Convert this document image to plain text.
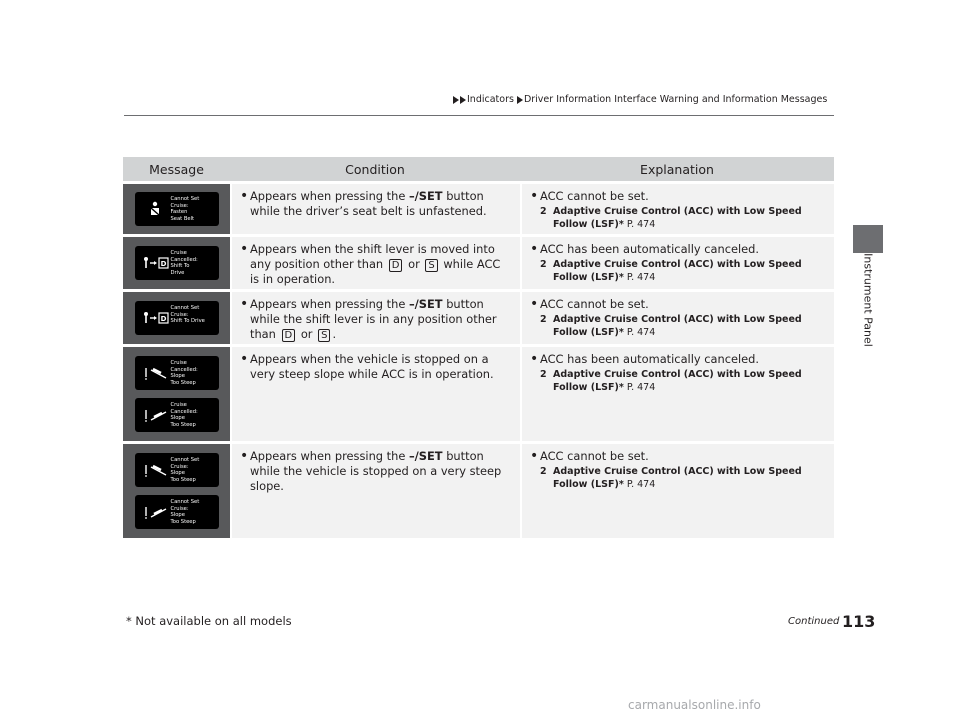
Indicators Driver Information Interface Warning and Information Messages
Instrument Panel
Message	Condition	Explanation
Cannot Set
Cruise:
Fasten
Seat Belt
• Appears when pressing the –/SET button while the driver’s seat belt is unfastened.
• ACC cannot be set.
2 Adaptive Cruise Control (ACC) with Low Speed Follow (LSF)* P. 474
D
Cruise
Cancelled:
Shift To
Drive
• Appears when the shift lever is moved into any position other than D or S while ACC is in operation.
• ACC has been automatically canceled.
2 Adaptive Cruise Control (ACC) with Low Speed Follow (LSF)* P. 474
D
Cannot Set
Cruise:
Shift To Drive
• Appears when pressing the –/SET button while the shift lever is in any position other than D or S .
• ACC cannot be set.
2 Adaptive Cruise Control (ACC) with Low Speed Follow (LSF)* P. 474
Cruise
Cancelled:
Slope
Too Steep
Cruise
Cancelled:
Slope
Too Steep
• Appears when the vehicle is stopped on a very steep slope while ACC is in operation.
• ACC has been automatically canceled.
2 Adaptive Cruise Control (ACC) with Low Speed Follow (LSF)* P. 474
Cannot Set
Cruise:
Slope
Too Steep
Cannot Set
Cruise:
Slope
Too Steep
• Appears when pressing the –/SET button while the vehicle is stopped on a very steep slope.
• ACC cannot be set.
2 Adaptive Cruise Control (ACC) with Low Speed Follow (LSF)* P. 474
Continued 113
* Not available on all models
carmanualsonline.info
